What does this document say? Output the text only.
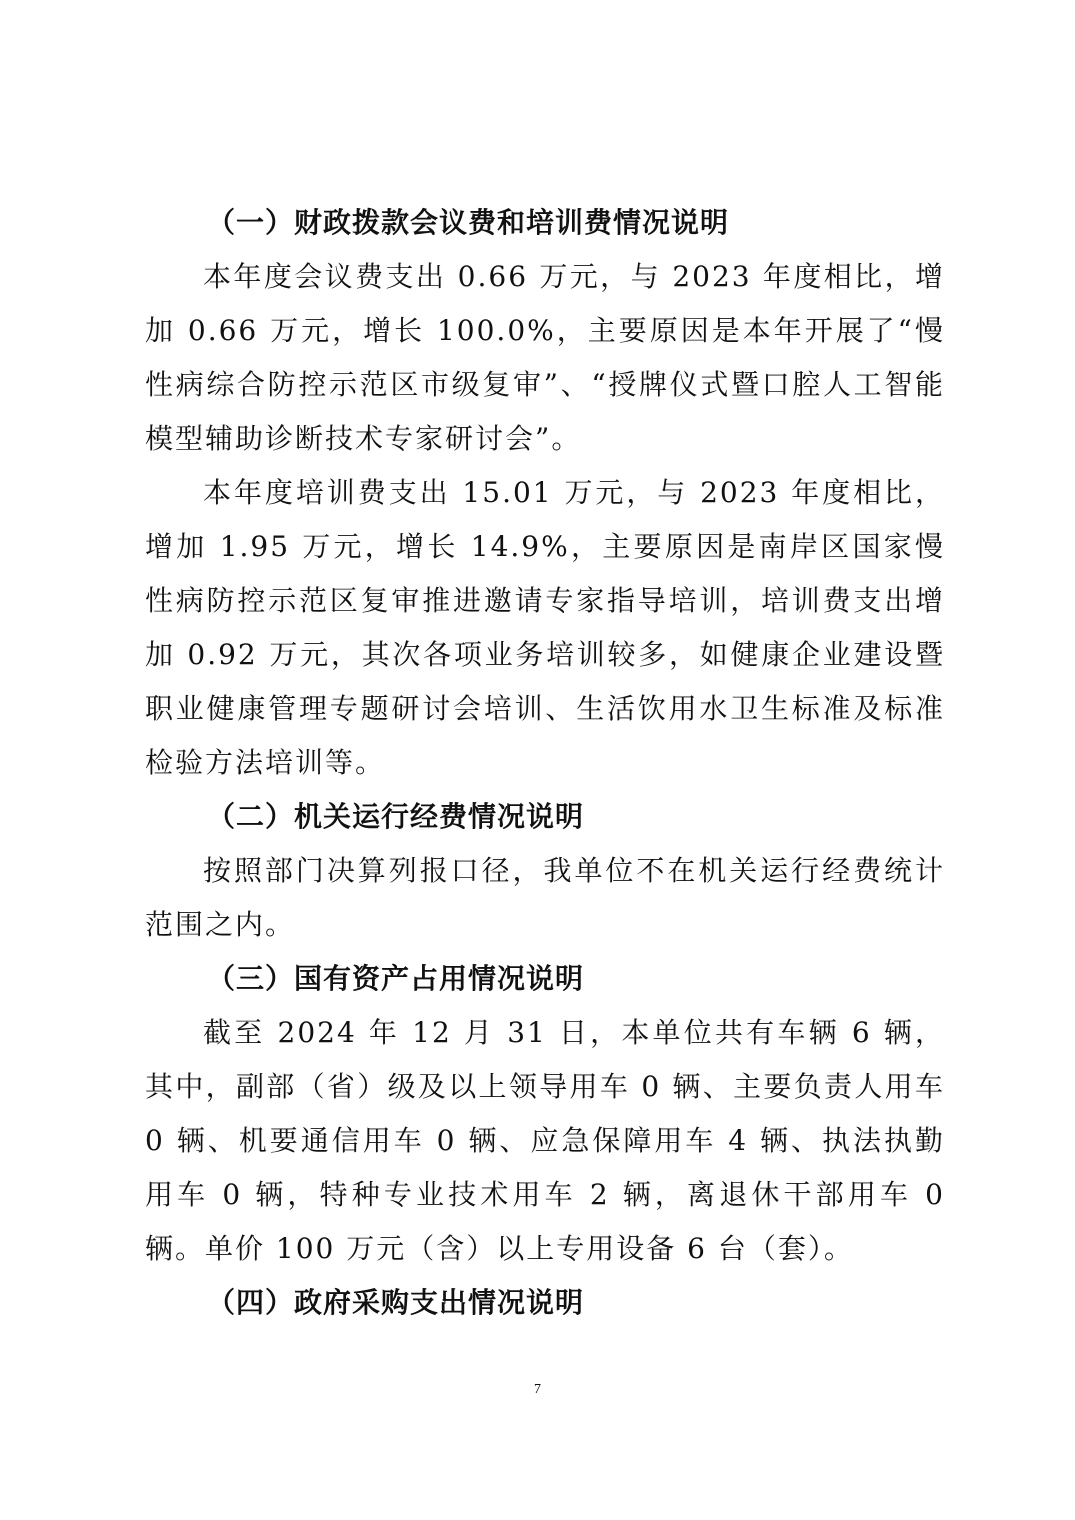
（一）财政拨款会议费和培训费情况说明

本年度会议费支出 0.66 万元，与 2023 年度相比，增加 0.66 万元，增长 100.0%，主要原因是本年开展了“慢性病综合防控示范区市级复审”、“授牌仪式暨口腔人工智能模型辅助诊断技术专家研讨会”。

本年度培训费支出 15.01 万元，与 2023 年度相比，增加 1.95 万元，增长 14.9%，主要原因是南岸区国家慢性病防控示范区复审推进邀请专家指导培训，培训费支出增加 0.92 万元，其次各项业务培训较多，如健康企业建设暨职业健康管理专题研讨会培训、生活饮用水卫生标准及标准检验方法培训等。

（二）机关运行经费情况说明

按照部门决算列报口径，我单位不在机关运行经费统计范围之内。

（三）国有资产占用情况说明

截至 2024 年 12 月 31 日，本单位共有车辆 6 辆，其中，副部（省）级及以上领导用车 0 辆、主要负责人用车 0 辆、机要通信用车 0 辆、应急保障用车 4 辆、执法执勤用车 0 辆，特种专业技术用车 2 辆，离退休干部用车 0 辆。单价 100 万元（含）以上专用设备 6 台（套）。

（四）政府采购支出情况说明
7
